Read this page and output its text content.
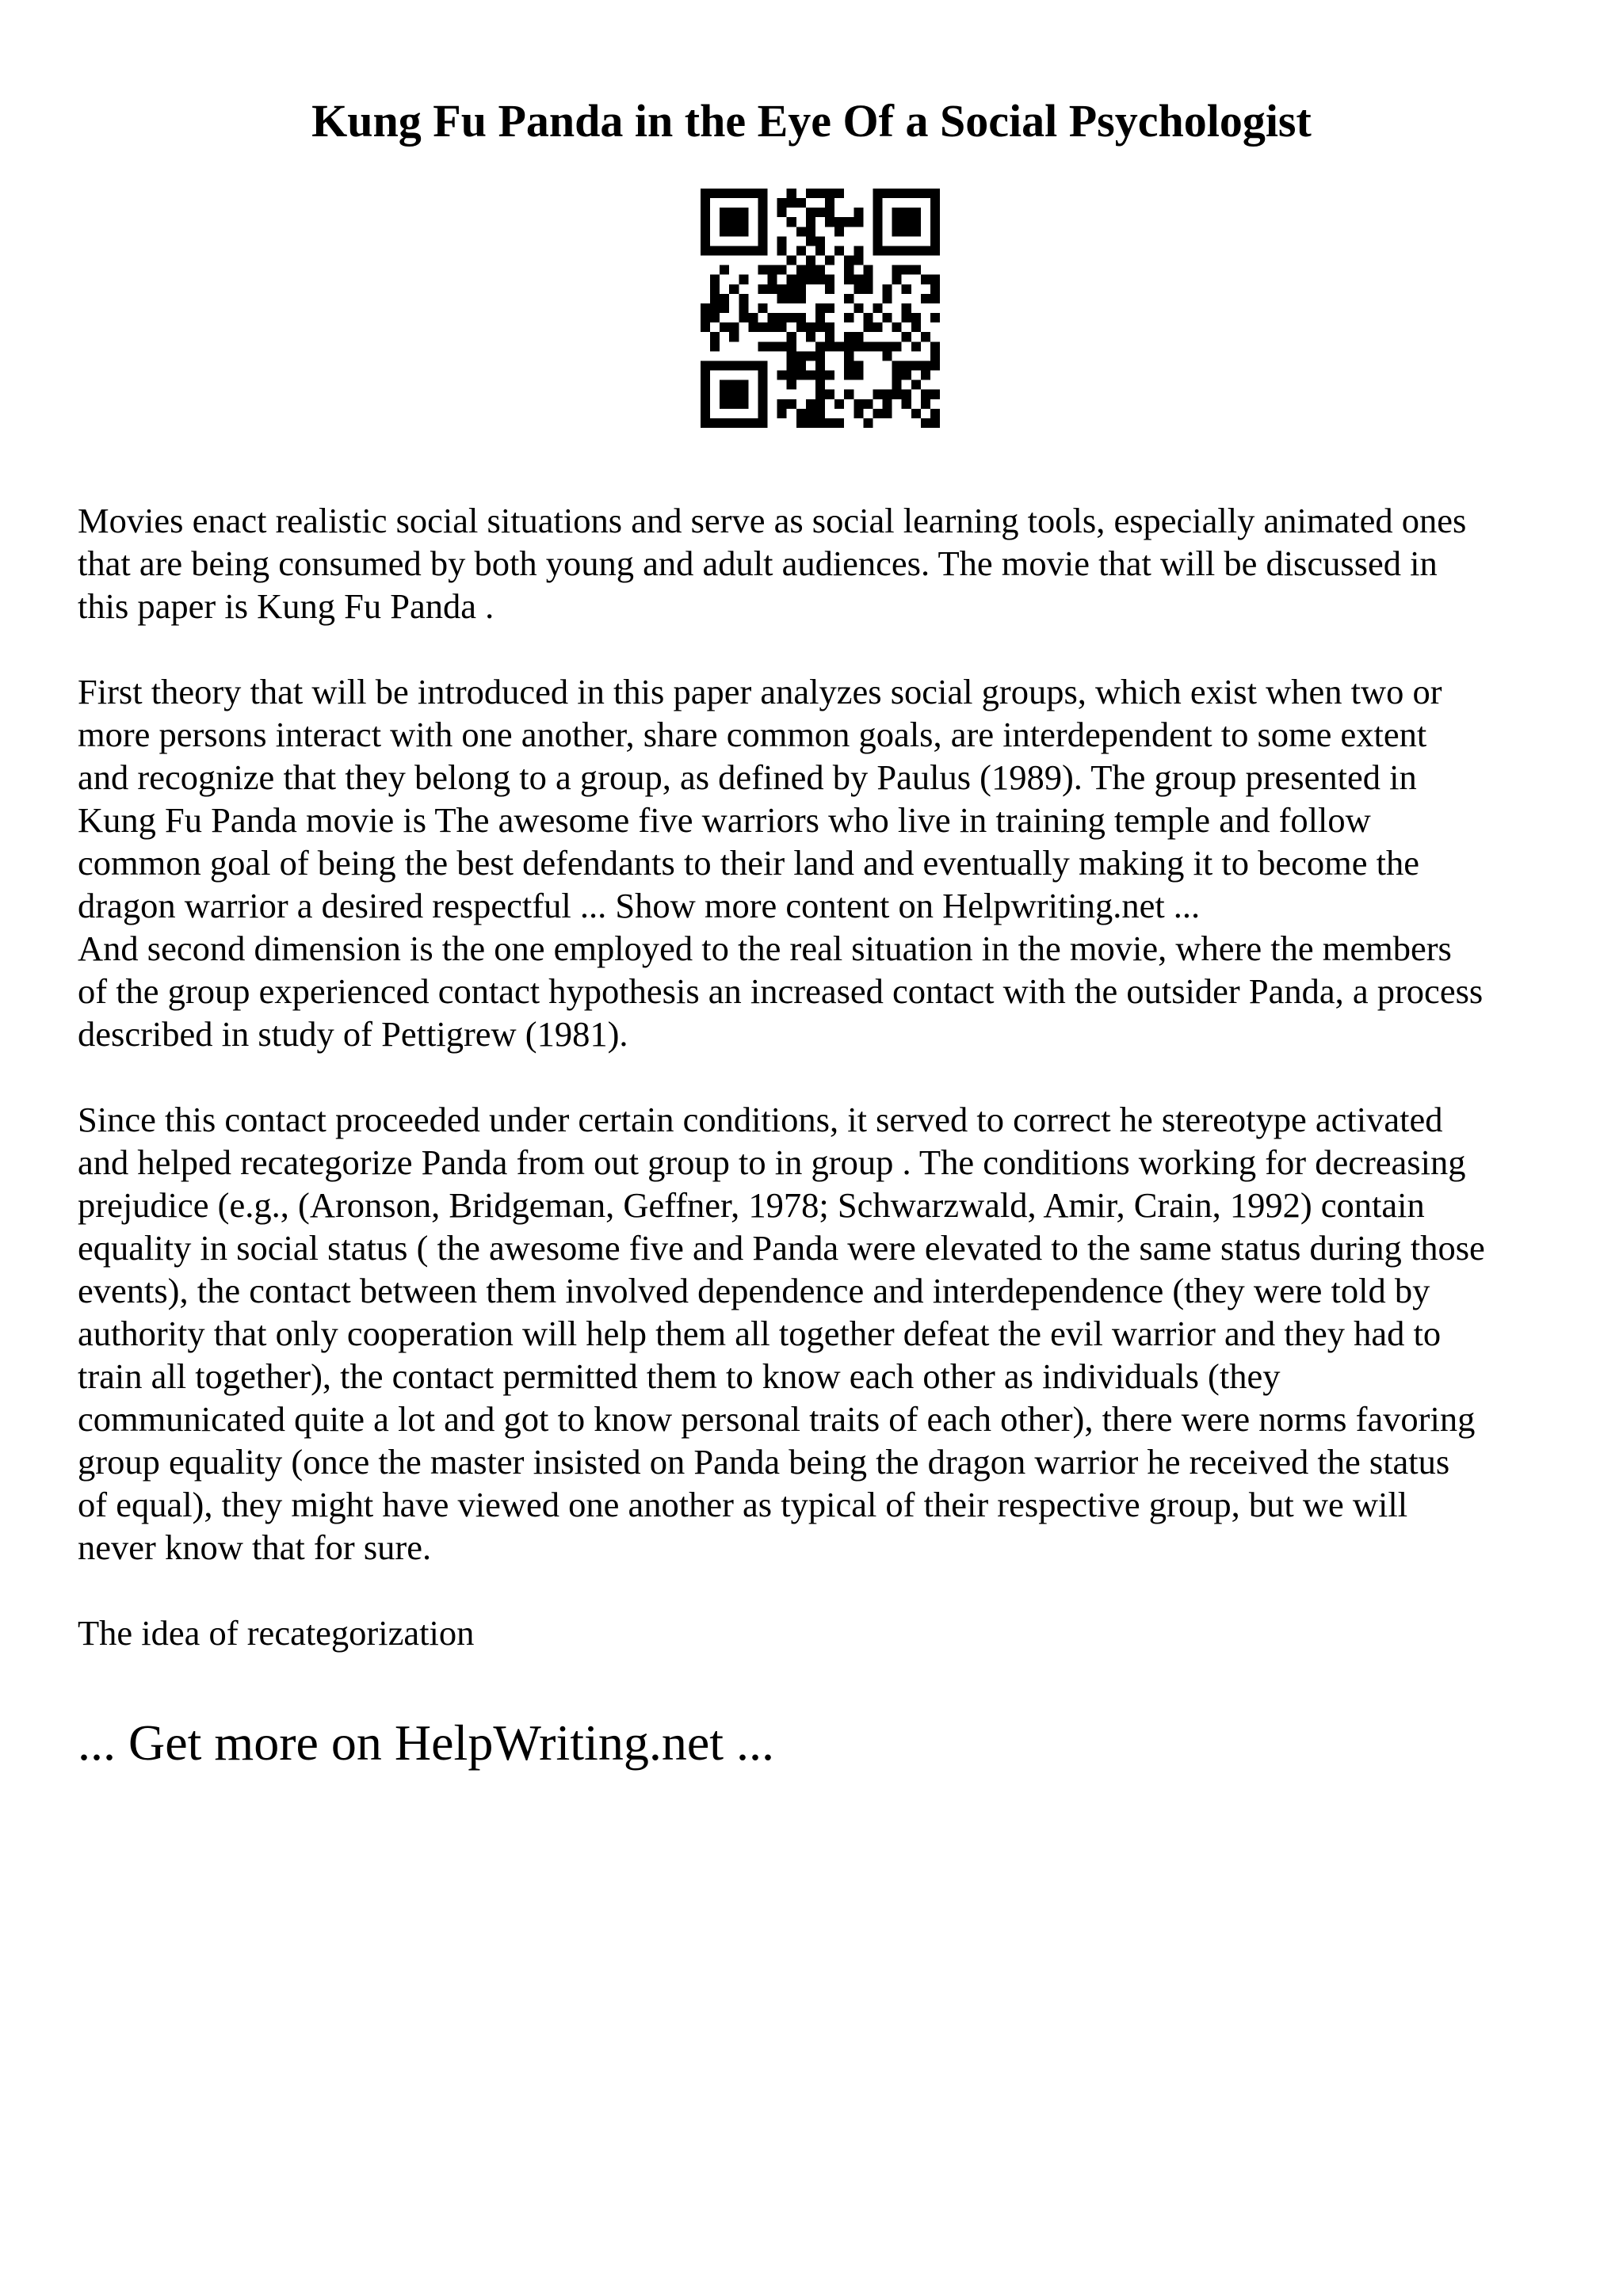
Kung Fu Panda in the Eye Of a Social Psychologist

Movies enact realistic social situations and serve as social learning tools, especially animated ones
that are being consumed by both young and adult audiences. The movie that will be discussed in
this paper is Kung Fu Panda .

First theory that will be introduced in this paper analyzes social groups, which exist when two or
more persons interact with one another, share common goals, are interdependent to some extent
and recognize that they belong to a group, as defined by Paulus (1989). The group presented in
Kung Fu Panda movie is The awesome five warriors who live in training temple and follow
common goal of being the best defendants to their land and eventually making it to become the
dragon warrior a desired respectful ... Show more content on Helpwriting.net ...

And second dimension is the one employed to the real situation in the movie, where the members
of the group experienced contact hypothesis an increased contact with the outsider Panda, a process
described in study of Pettigrew (1981).

Since this contact proceeded under certain conditions, it served to correct he stereotype activated
and helped recategorize Panda from out group to in group . The conditions working for decreasing
prejudice (e.g., (Aronson, Bridgeman, Geffner, 1978; Schwarzwald, Amir, Crain, 1992) contain
equality in social status ( the awesome five and Panda were elevated to the same status during those
events), the contact between them involved dependence and interdependence (they were told by
authority that only cooperation will help them all together defeat the evil warrior and they had to
train all together), the contact permitted them to know each other as individuals (they
communicated quite a lot and got to know personal traits of each other), there were norms favoring
group equality (once the master insisted on Panda being the dragon warrior he received the status
of equal), they might have viewed one another as typical of their respective group, but we will
never know that for sure.

The idea of recategorization

... Get more on HelpWriting.net ...
